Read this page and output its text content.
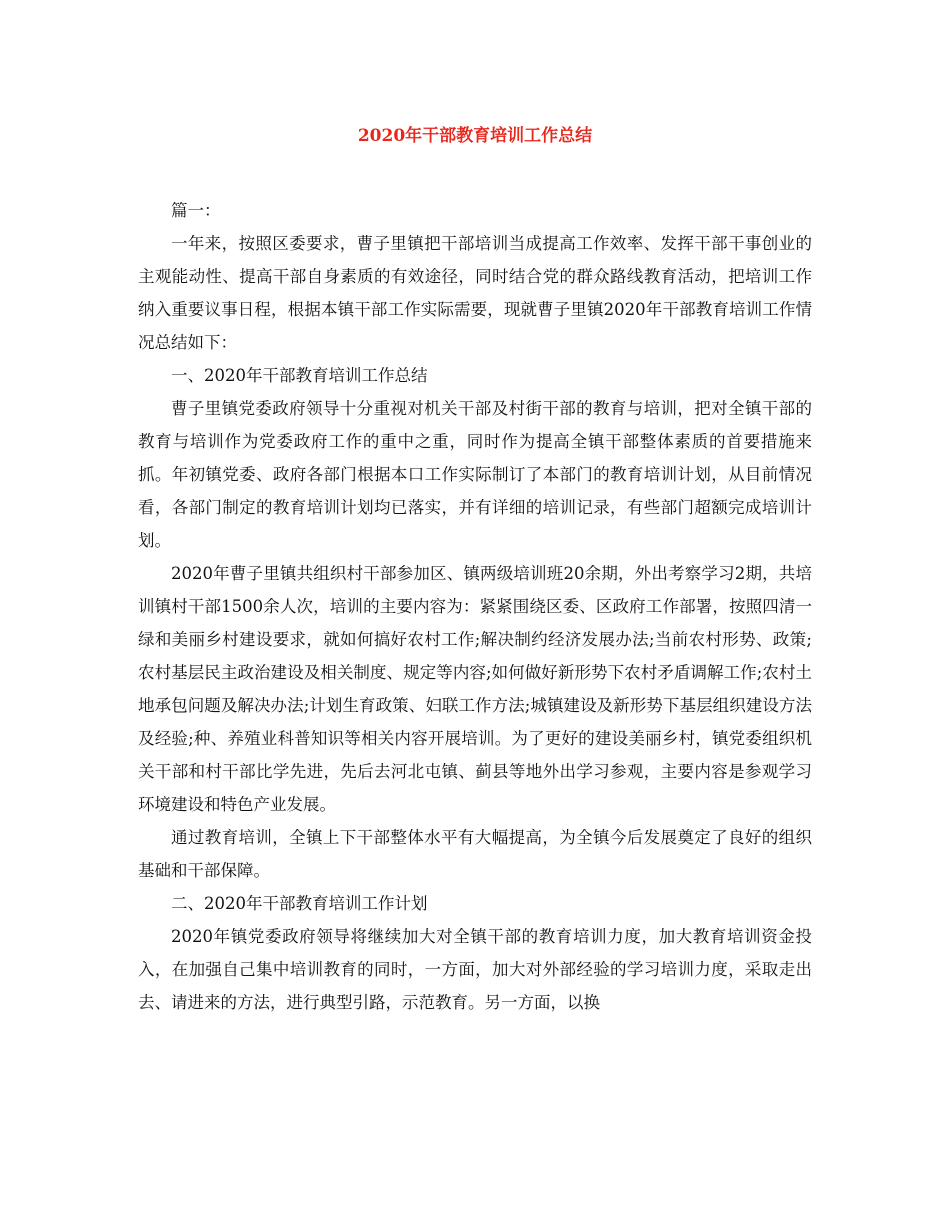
2020年干部教育培训工作总结

篇一：

一年来，按照区委要求，曹子里镇把干部培训当成提高工作效率、发挥干部干事创业的主观能动性、提高干部自身素质的有效途径，同时结合党的群众路线教育活动，把培训工作纳入重要议事日程，根据本镇干部工作实际需要，现就曹子里镇2020年干部教育培训工作情况总结如下：

一、2020年干部教育培训工作总结

曹子里镇党委政府领导十分重视对机关干部及村街干部的教育与培训，把对全镇干部的教育与培训作为党委政府工作的重中之重，同时作为提高全镇干部整体素质的首要措施来抓。年初镇党委、政府各部门根据本口工作实际制订了本部门的教育培训计划，从目前情况看，各部门制定的教育培训计划均已落实，并有详细的培训记录，有些部门超额完成培训计划。

2020年曹子里镇共组织村干部参加区、镇两级培训班20余期，外出考察学习2期，共培训镇村干部1500余人次，培训的主要内容为：紧紧围绕区委、区政府工作部署，按照四清一绿和美丽乡村建设要求，就如何搞好农村工作;解决制约经济发展办法;当前农村形势、政策;农村基层民主政治建设及相关制度、规定等内容;如何做好新形势下农村矛盾调解工作;农村土地承包问题及解决办法;计划生育政策、妇联工作方法;城镇建设及新形势下基层组织建设方法及经验;种、养殖业科普知识等相关内容开展培训。为了更好的建设美丽乡村，镇党委组织机关干部和村干部比学先进，先后去河北屯镇、蓟县等地外出学习参观，主要内容是参观学习环境建设和特色产业发展。

通过教育培训，全镇上下干部整体水平有大幅提高，为全镇今后发展奠定了良好的组织基础和干部保障。

二、2020年干部教育培训工作计划

2020年镇党委政府领导将继续加大对全镇干部的教育培训力度，加大教育培训资金投入，在加强自己集中培训教育的同时，一方面，加大对外部经验的学习培训力度，采取走出去、请进来的方法，进行典型引路，示范教育。另一方面，以换
